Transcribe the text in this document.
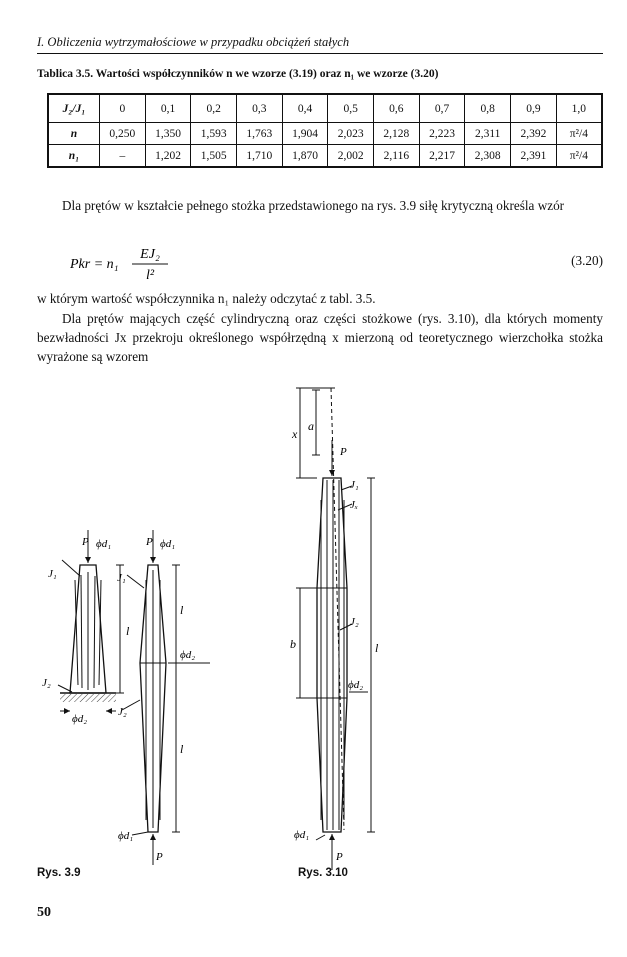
I. Obliczenia wytrzymałościowe w przypadku obciążeń stałych
Tablica 3.5. Wartości współczynników n we wzorze (3.19) oraz n₁ we wzorze (3.20)
J₂/J₁	0	0,1	0,2	0,3	0,4	0,5	0,6	0,7	0,8	0,9	1,0
n	0,250	1,350	1,593	1,763	1,904	2,023	2,128	2,223	2,311	2,392	π²/4
n₁	–	1,202	1,505	1,710	1,870	2,002	2,116	2,217	2,308	2,391	π²/4
Dla prętów w kształcie pełnego stożka przedstawionego na rys. 3.9 siłę krytyczną określa wzór
Pkr = n₁
EJ₂
l²
(3.20)
w którym wartość współczynnika n₁ należy odczytać z tabl. 3.5.
Dla prętów mających część cylindryczną oraz części stożkowe (rys. 3.10), dla których momenty bezwładności Jx przekroju określonego współrzędną x mierzoną od teoretycznego wierzchołka stożka wyrażone są wzorem
P ϕd₁
J₁
l
J₂
ϕd₂
P ϕd₁
J₁
l
ϕd₂
J₂
l
ϕd₁
P
x
a
P
J₁
Jₓ
J₂
b	l
ϕd₂
ϕd₁
P
Rys. 3.9	Rys. 3.10
50
